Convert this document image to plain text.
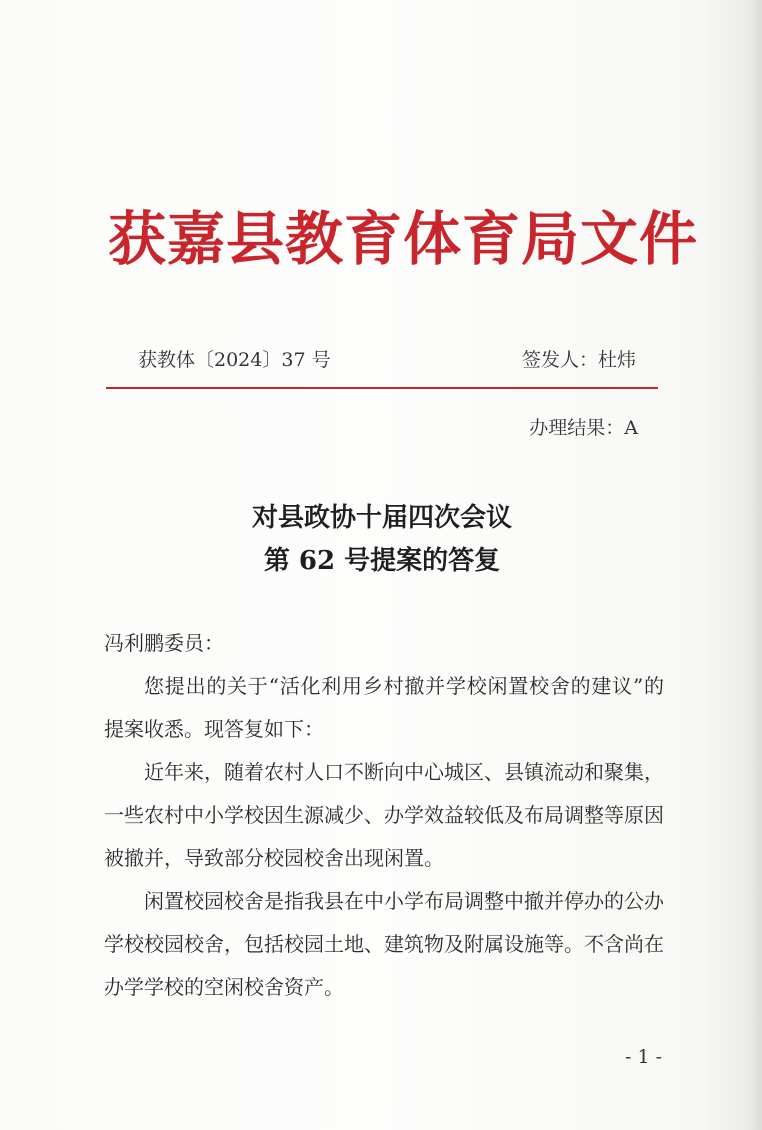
获嘉县教育体育局文件
获教体〔2024〕37 号	签发人：杜炜
办理结果：A
对县政协十届四次会议
第 62 号提案的答复

冯利鹏委员：

您提出的关于“活化利用乡村撤并学校闲置校舍的建议”的提案收悉。现答复如下：

近年来，随着农村人口不断向中心城区、县镇流动和聚集，一些农村中小学校因生源减少、办学效益较低及布局调整等原因被撤并，导致部分校园校舍出现闲置。

闲置校园校舍是指我县在中小学布局调整中撤并停办的公办学校校园校舍，包括校园土地、建筑物及附属设施等。不含尚在办学学校的空闲校舍资产。

- 1 -
